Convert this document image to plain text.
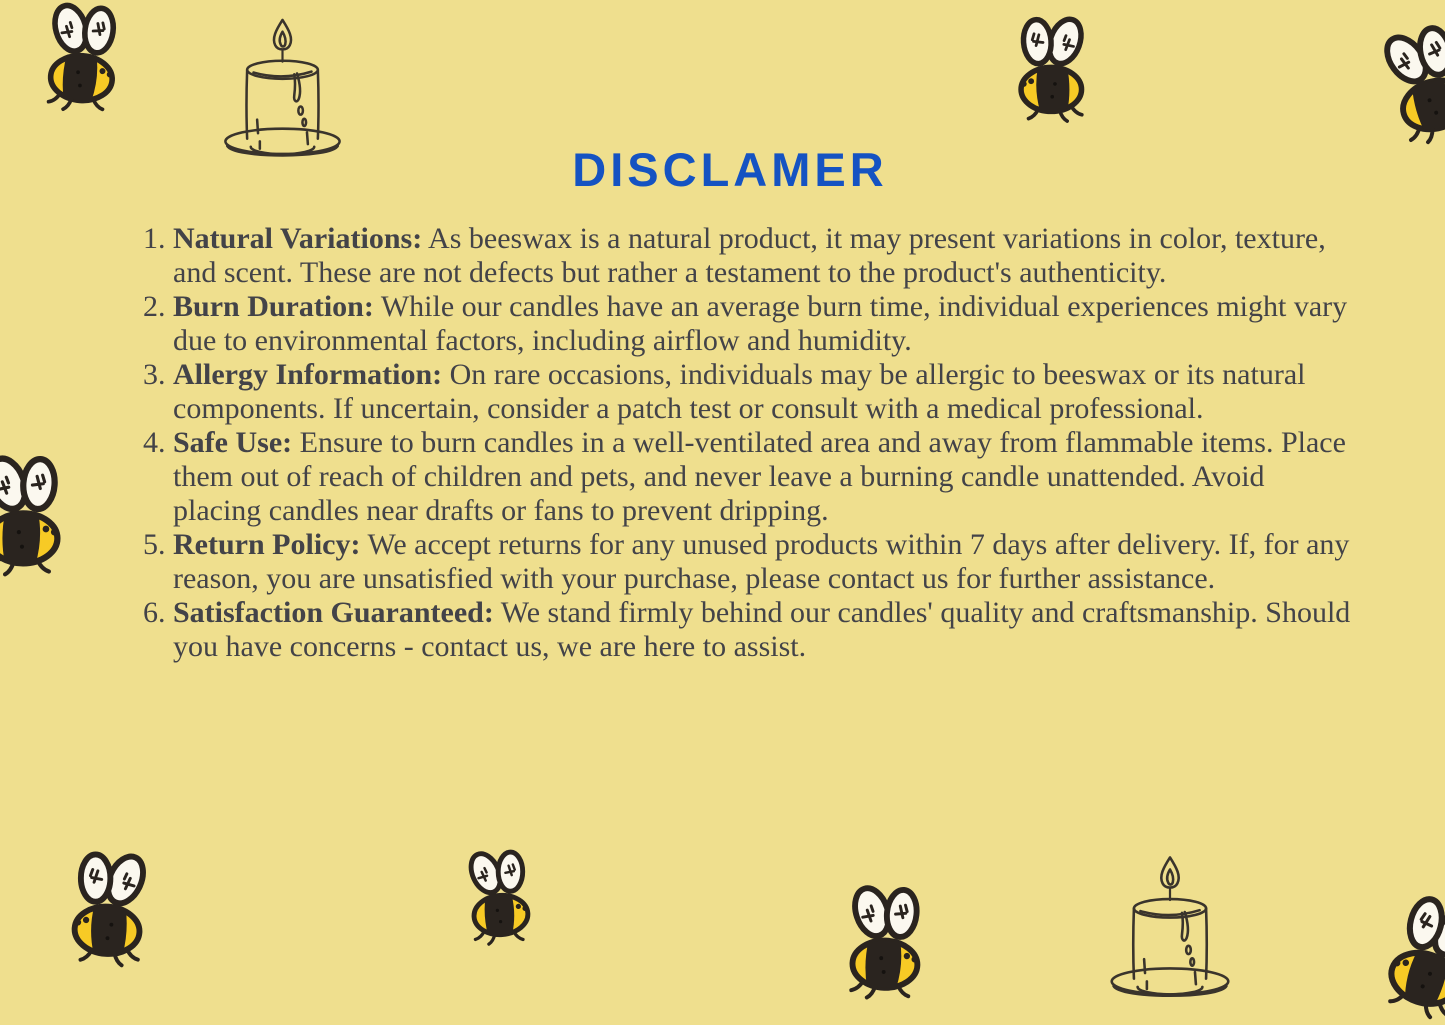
DISCLAMER
1. Natural Variations: As beeswax is a natural product, it may present variations in color, texture, and scent. These are not defects but rather a testament to the product's authenticity.
2. Burn Duration: While our candles have an average burn time, individual experiences might vary due to environmental factors, including airflow and humidity.
3. Allergy Information: On rare occasions, individuals may be allergic to beeswax or its natural components. If uncertain, consider a patch test or consult with a medical professional.
4. Safe Use: Ensure to burn candles in a well-ventilated area and away from flammable items. Place them out of reach of children and pets, and never leave a burning candle unattended. Avoid placing candles near drafts or fans to prevent dripping.
5. Return Policy: We accept returns for any unused products within 7 days after delivery. If, for any reason, you are unsatisfied with your purchase, please contact us for further assistance.
6. Satisfaction Guaranteed: We stand firmly behind our candles' quality and craftsmanship. Should you have concerns - contact us, we are here to assist.
